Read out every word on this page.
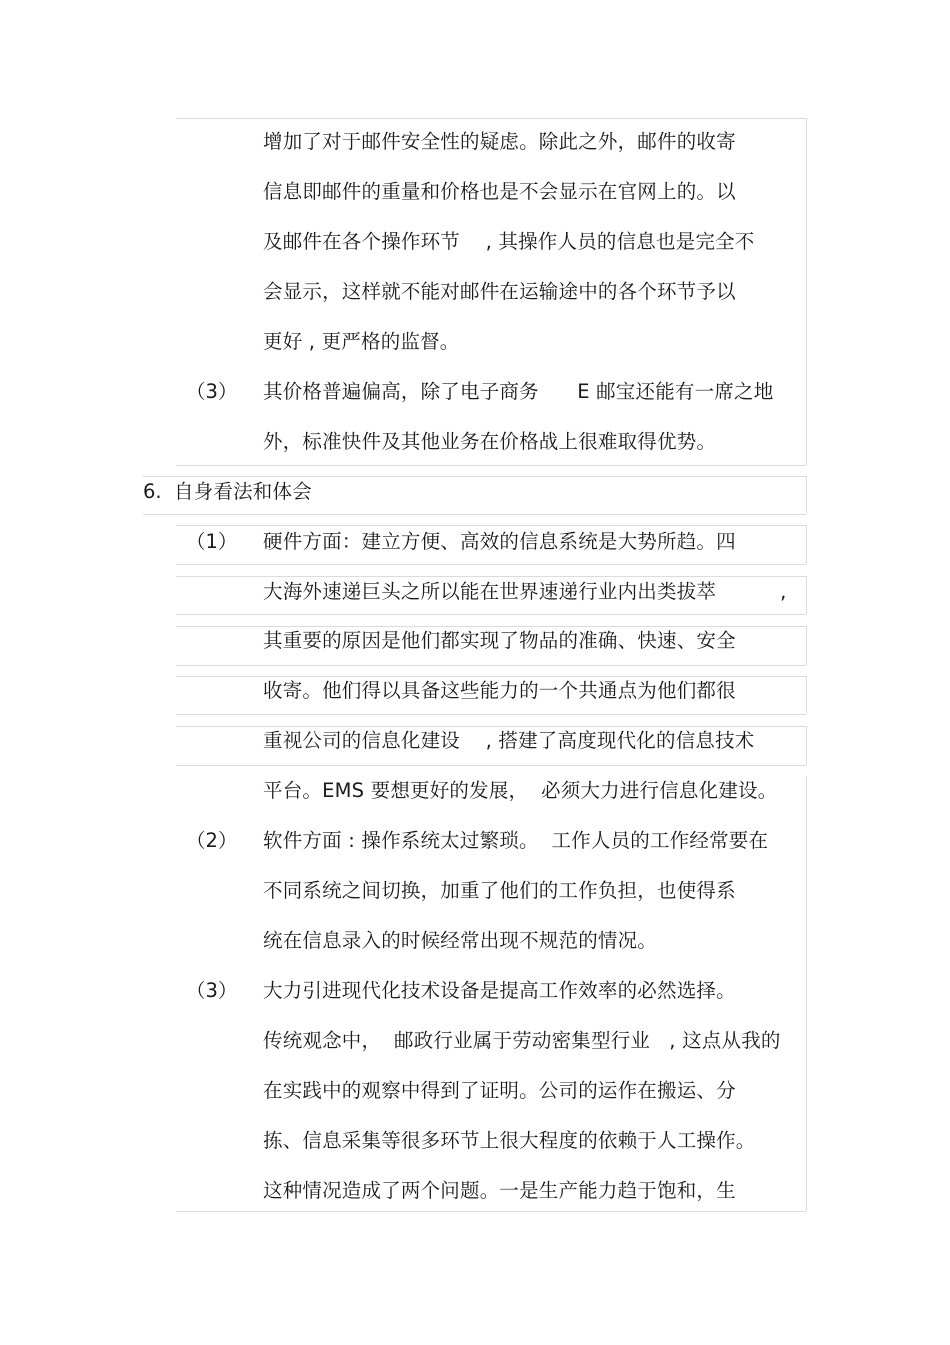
（3）
6.
（1）
（2）
（3）
增加了对于邮件安全性的疑虑。除此之外，邮件的收寄
信息即邮件的重量和价格也是不会显示在官网上的。以
及邮件在各个操作环节    , 其操作人员的信息也是完全不
会显示，这样就不能对邮件在运输途中的各个环节予以
更好 , 更严格的监督。
其价格普遍偏高，除了电子商务      E 邮宝还能有一席之地
外，标准快件及其他业务在价格战上很难取得优势。
自身看法和体会
硬件方面：建立方便、高效的信息系统是大势所趋。四
大海外速递巨头之所以能在世界速递行业内出类拔萃          ,
其重要的原因是他们都实现了物品的准确、快速、安全
收寄。他们得以具备这些能力的一个共通点为他们都很
重视公司的信息化建设    , 搭建了高度现代化的信息技术
平台。EMS 要想更好的发展，  必须大力进行信息化建设。
软件方面 : 操作系统太过繁琐。  工作人员的工作经常要在
不同系统之间切换，加重了他们的工作负担，也使得系
统在信息录入的时候经常出现不规范的情况。
大力引进现代化技术设备是提高工作效率的必然选择。
传统观念中，  邮政行业属于劳动密集型行业   , 这点从我的
在实践中的观察中得到了证明。公司的运作在搬运、分
拣、信息采集等很多环节上很大程度的依赖于人工操作。
这种情况造成了两个问题。一是生产能力趋于饱和，生
